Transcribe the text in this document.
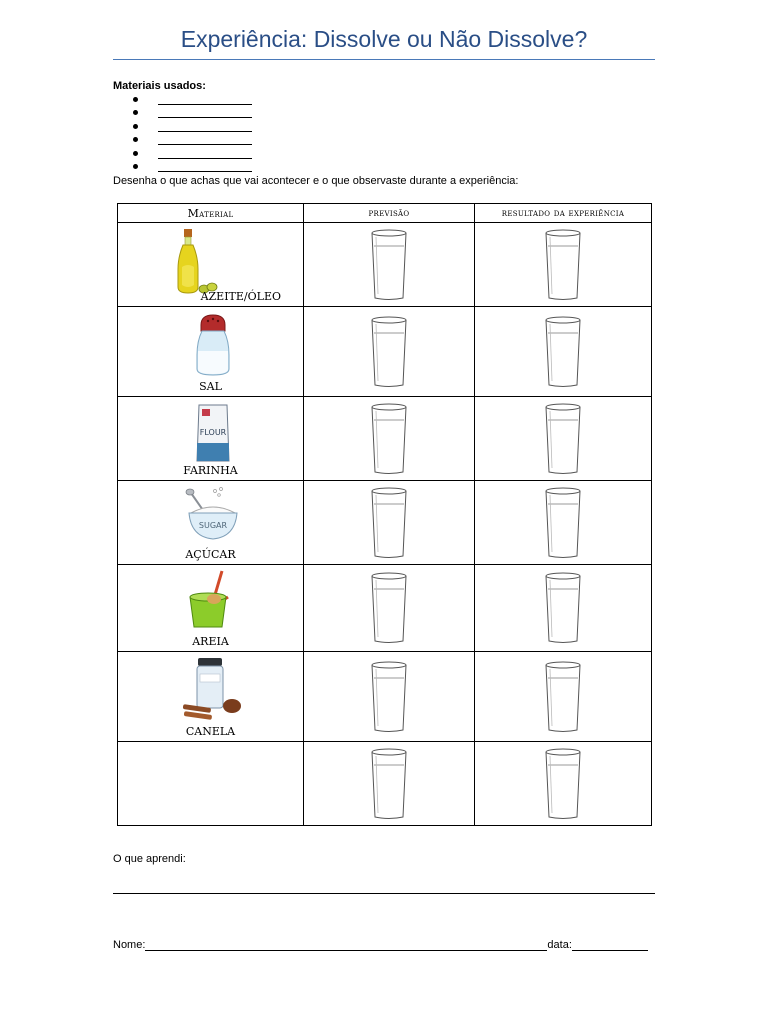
Experiência: Dissolve ou Não Dissolve?
Materiais usados:
Desenha o que achas que vai acontecer e o que observaste durante a experiência:
Material	previsão	resultado da experiência

AZEITE/ÓLEO

SAL

FLOUR
FARINHA

SUGAR
AÇÚCAR

AREIA

CANELA

O que aprendi:
Nome:	data:
